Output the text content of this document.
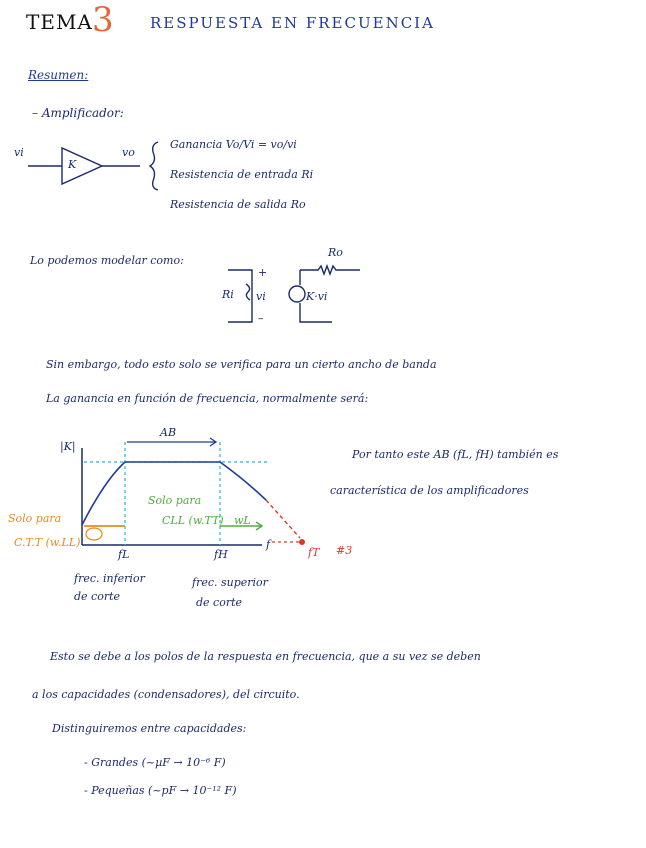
TEMA 3 RESPUESTA EN FRECUENCIA
Resumen:
– Amplificador:
vi
K
vo
Ganancia Vo/Vi = vo/vi
Resistencia de entrada Ri
Resistencia de salida Ro
Lo podemos modelar como:
Ri vi
+
–
Ro
K·vi
Sin embargo, todo esto solo se verifica para un cierto ancho de banda
La ganancia en función de frecuencia, normalmente será:
|K|
AB
f
fL	fH	fT #3
frec. inferior
de corte
frec. superior
de corte
Solo para
C.T.T (w.LL)
Solo para
CLL (w.TT) wL
Por tanto este AB (fL, fH) también es
característica de los amplificadores
Esto se debe a los polos de la respuesta en frecuencia, que a su vez se deben
a los capacidades (condensadores), del circuito.
Distinguiremos entre capacidades:
- Grandes (~µF → 10⁻⁶ F)
- Pequeñas (~pF → 10⁻¹² F)
